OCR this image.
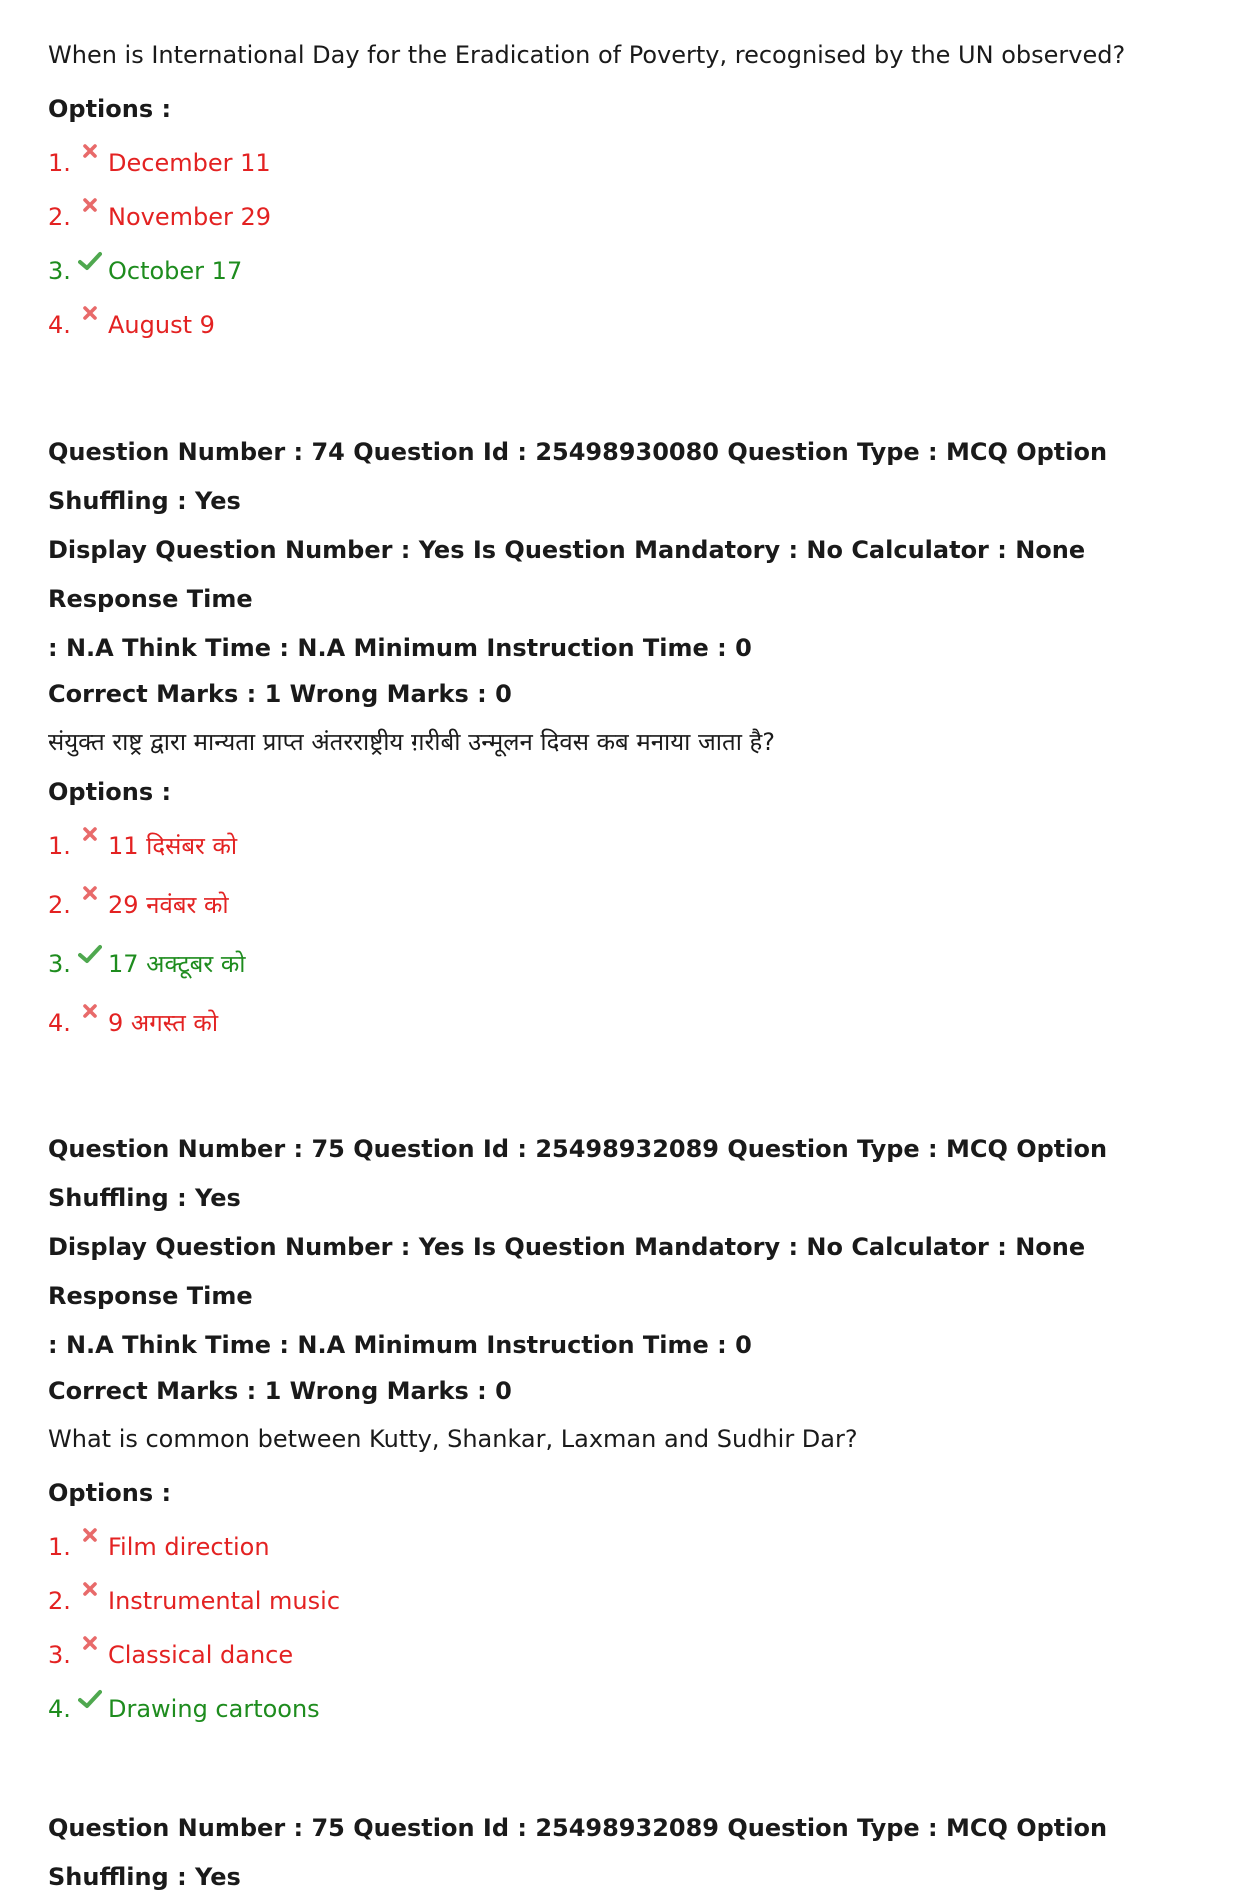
When is International Day for the Eradication of Poverty, recognised by the UN observed?

Options :

1. December 11
2. November 29
3. October 17
4. August 9

Question Number : 74 Question Id : 25498930080 Question Type : MCQ Option Shuffling : Yes

Display Question Number : Yes Is Question Mandatory : No Calculator : None Response Time

: N.A Think Time : N.A Minimum Instruction Time : 0

Correct Marks : 1 Wrong Marks : 0

संयुक्त राष्ट्र द्वारा मान्यता प्राप्त अंतरराष्ट्रीय ग़रीबी उन्मूलन दिवस कब मनाया जाता है?

Options :

1. 11 दिसंबर को
2. 29 नवंबर को
3. 17 अक्टूबर को
4. 9 अगस्त को

Question Number : 75 Question Id : 25498932089 Question Type : MCQ Option Shuffling : Yes

Display Question Number : Yes Is Question Mandatory : No Calculator : None Response Time

: N.A Think Time : N.A Minimum Instruction Time : 0

Correct Marks : 1 Wrong Marks : 0

What is common between Kutty, Shankar, Laxman and Sudhir Dar?

Options :

1. Film direction
2. Instrumental music
3. Classical dance
4. Drawing cartoons

Question Number : 75 Question Id : 25498932089 Question Type : MCQ Option Shuffling : Yes
